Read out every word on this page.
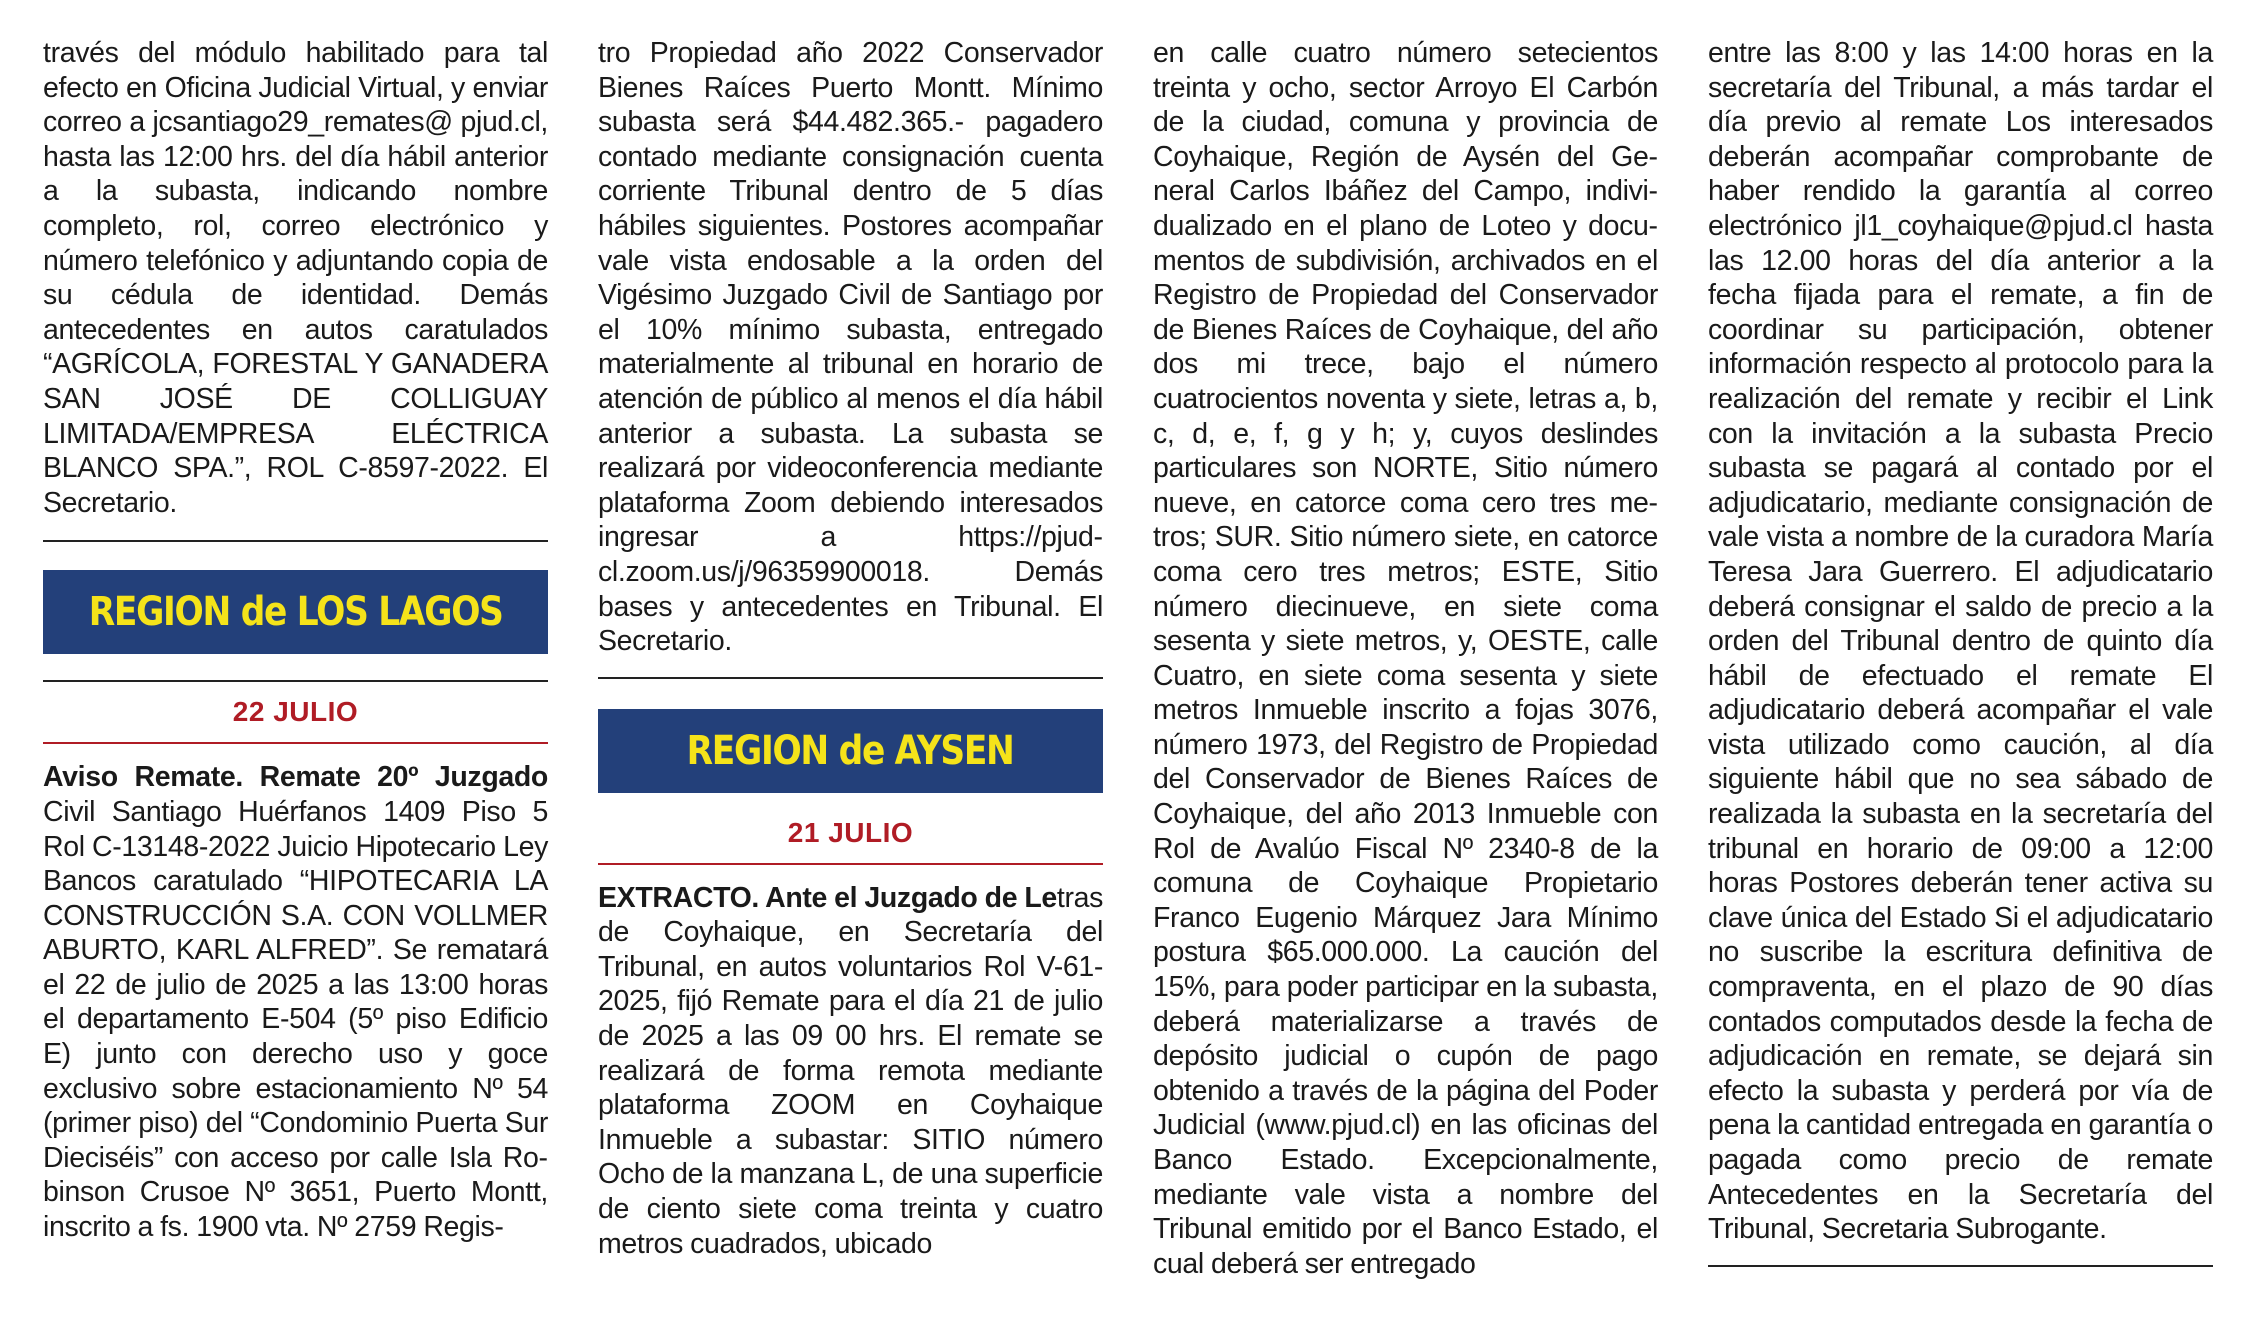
través del módulo habilitado para tal efecto en Oficina Judicial Virtual, y enviar correo a jcsantiago29_remates@ pjud.cl, hasta las 12:00 hrs. del día hábil anterior a la subasta, indicando nombre completo, rol, correo electrónico y número telefónico y adjuntando copia de su cédula de identidad. Demás antecedentes en autos caratulados “AGRÍCOLA, FORESTAL Y GANADERA SAN JOSÉ DE COLLIGUAY LIMITADA/EMPRESA ELÉCTRICA BLANCO SPA.”, ROL C-8597-2022. El Secretario.

REGION de LOS LAGOS
22 JULIO

Aviso Remate. Remate 20º Juzgado Civil Santiago Huérfanos 1409 Piso 5 Rol C-13148-2022 Juicio Hipotecario Ley Bancos caratulado “HIPOTECARIA LA CONSTRUCCIÓN S.A. CON VOLLMER ABURTO, KARL ALFRED”. Se rematará el 22 de julio de 2025 a las 13:00 horas el departamento E-504 (5º piso Edificio E) junto con derecho uso y goce exclusivo sobre estacionamiento Nº 54 (primer piso) del “Condominio Puerta Sur Dieciséis” con acceso por calle Isla Robinson Crusoe Nº 3651, Puerto Montt, inscrito a fs. 1900 vta. Nº 2759 Regis-

tro Propiedad año 2022 Conservador Bienes Raíces Puerto Montt. Mínimo subasta será $44.482.365.- pagadero contado mediante consignación cuenta corriente Tribunal dentro de 5 días hábiles siguientes. Postores acompañar vale vista endosable a la orden del Vigésimo Juzgado Civil de Santiago por el 10% mínimo subasta, entregado materialmente al tribunal en horario de atención de público al menos el día hábil anterior a subasta. La subasta se realizará por videoconferencia mediante plataforma Zoom debiendo interesados ingresar a https://pjudcl.zoom.us/j/96359900018. Demás bases y antecedentes en Tribunal. El Secretario.

REGION de AYSEN
21 JULIO

EXTRACTO. Ante el Juzgado de Letras de Coyhaique, en Secretaría del Tribunal, en autos voluntarios Rol V-61-2025, fijó Remate para el día 21 de julio de 2025 a las 09 00 hrs. El remate se realizará de forma remota mediante plataforma ZOOM en Coyhaique Inmueble a subastar: SITIO número Ocho de la manzana L, de una superficie de ciento siete coma treinta y cuatro metros cuadrados, ubicado

en calle cuatro número setecientos treinta y ocho, sector Arroyo El Carbón de la ciudad, comuna y provincia de Coyhaique, Región de Aysén del General Carlos Ibáñez del Campo, individualizado en el plano de Loteo y documentos de subdivisión, archivados en el Registro de Propiedad del Conservador de Bienes Raíces de Coyhaique, del año dos mi trece, bajo el número cuatrocientos noventa y siete, letras a, b, c, d, e, f, g y h; y, cuyos deslindes particulares son NORTE, Sitio número nueve, en catorce coma cero tres metros; SUR. Sitio número siete, en catorce coma cero tres metros; ESTE, Sitio número diecinueve, en siete coma sesenta y siete metros, y, OESTE, calle Cuatro, en siete coma sesenta y siete metros Inmueble inscrito a fojas 3076, número 1973, del Registro de Propiedad del Conservador de Bienes Raíces de Coyhaique, del año 2013 Inmueble con Rol de Avalúo Fiscal Nº 2340-8 de la comuna de Coyhaique Propietario Franco Eugenio Márquez Jara Mínimo postura $65.000.000. La caución del 15%, para poder participar en la subasta, deberá materializarse a través de depósito judicial o cupón de pago obtenido a través de la página del Poder Judicial (www.pjud.cl) en las oficinas del Banco Estado. Excepcionalmente, mediante vale vista a nombre del Tribunal emitido por el Banco Estado, el cual deberá ser entregado

entre las 8:00 y las 14:00 horas en la secretaría del Tribunal, a más tardar el día previo al remate Los interesados deberán acompañar comprobante de haber rendido la garantía al correo electrónico jl1_coyhaique@pjud.cl hasta las 12.00 horas del día anterior a la fecha fijada para el remate, a fin de coordinar su participación, obtener información respecto al protocolo para la realización del remate y recibir el Link con la invitación a la subasta Precio subasta se pagará al contado por el adjudicatario, mediante consignación de vale vista a nombre de la curadora María Teresa Jara Guerrero. El adjudicatario deberá consignar el saldo de precio a la orden del Tribunal dentro de quinto día hábil de efectuado el remate El adjudicatario deberá acompañar el vale vista utilizado como caución, al día siguiente hábil que no sea sábado de realizada la subasta en la secretaría del tribunal en horario de 09:00 a 12:00 horas Postores deberán tener activa su clave única del Estado Si el adjudicatario no suscribe la escritura definitiva de compraventa, en el plazo de 90 días contados computados desde la fecha de adjudicación en remate, se dejará sin efecto la subasta y perderá por vía de pena la cantidad entregada en garantía o pagada como precio de remate Antecedentes en la Secretaría del Tribunal, Secretaria Subrogante.
